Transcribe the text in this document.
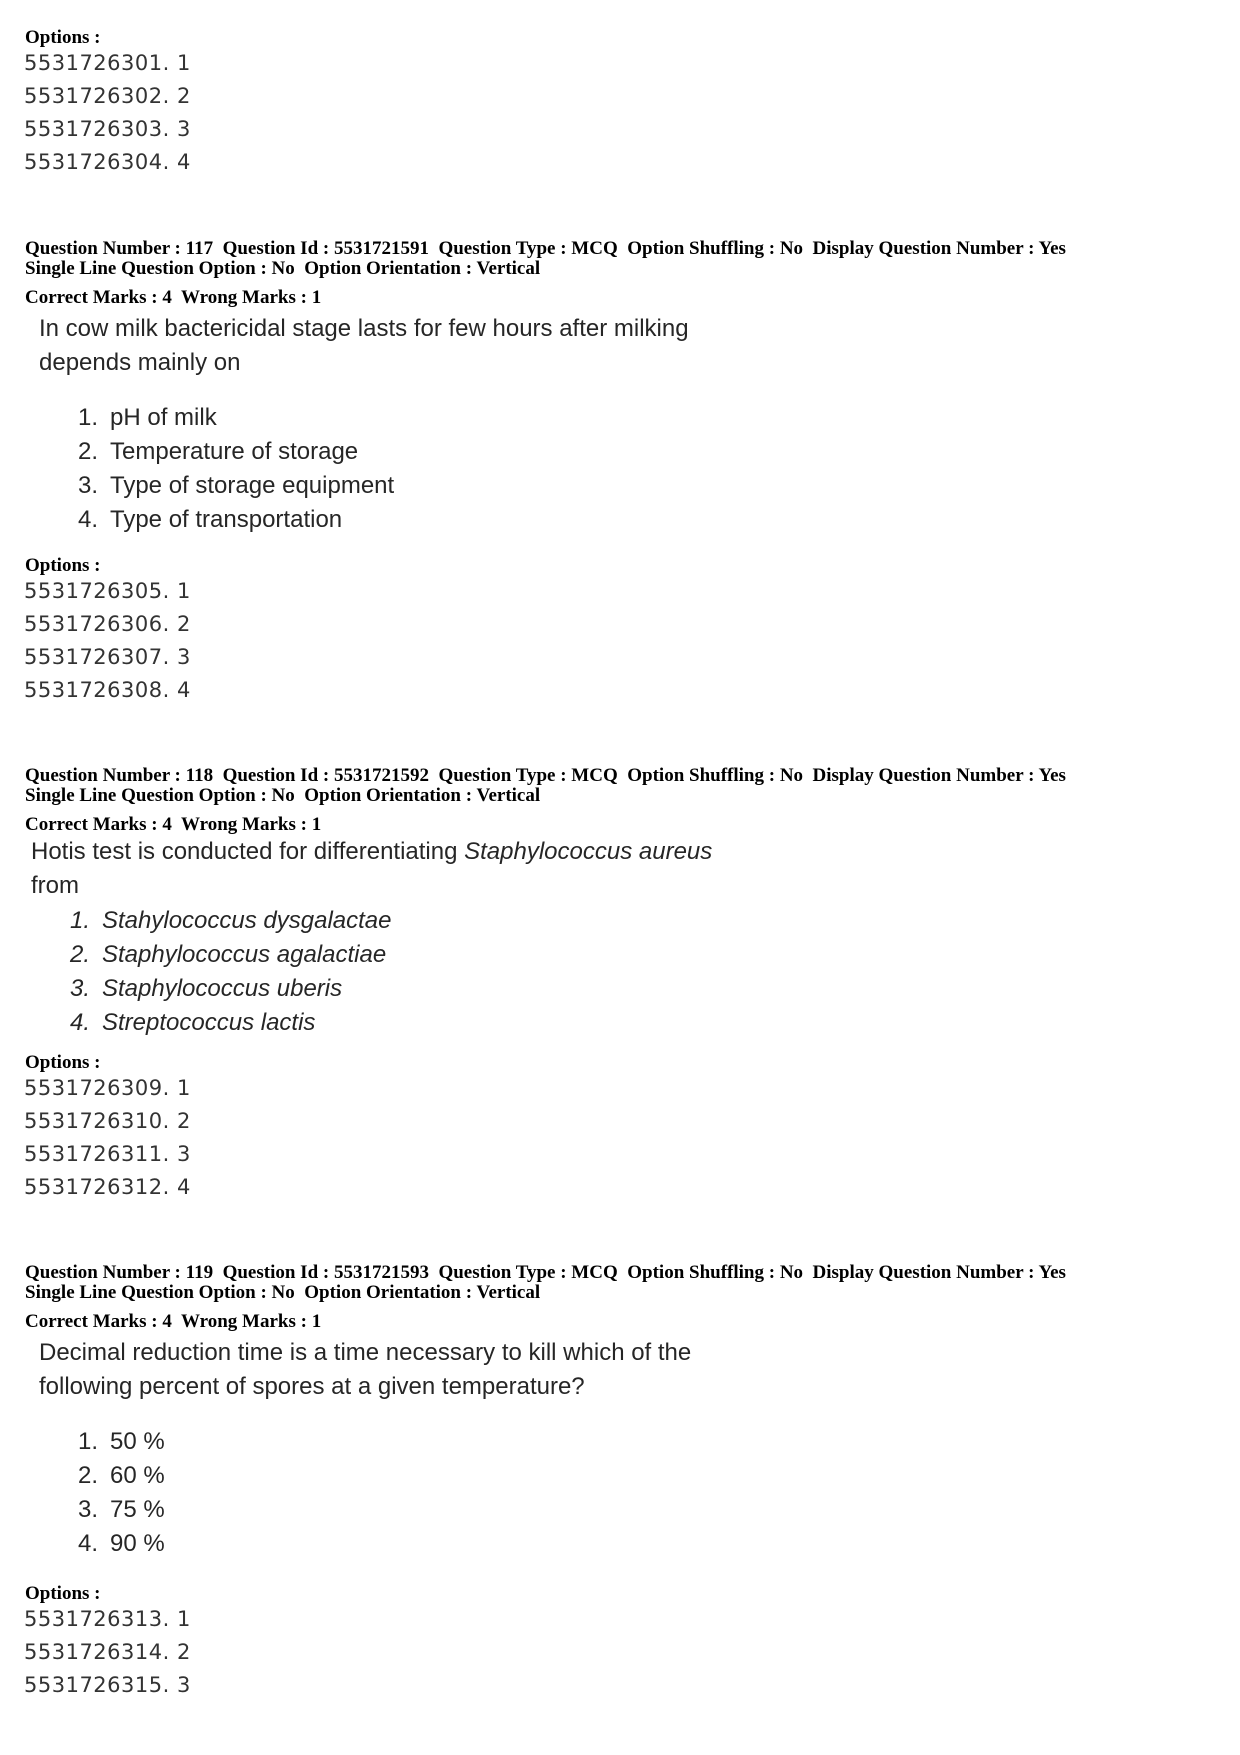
Options :
5531726301. 1
5531726302. 2
5531726303. 3
5531726304. 4
Question Number : 117  Question Id : 5531721591  Question Type : MCQ  Option Shuffling : No  Display Question Number : Yes
Single Line Question Option : No  Option Orientation : Vertical
Correct Marks : 4  Wrong Marks : 1
In cow milk bactericidal stage lasts for few hours after milking
depends mainly on
1. pH of milk
2. Temperature of storage
3. Type of storage equipment
4. Type of transportation
Options :
5531726305. 1
5531726306. 2
5531726307. 3
5531726308. 4
Question Number : 118  Question Id : 5531721592  Question Type : MCQ  Option Shuffling : No  Display Question Number : Yes
Single Line Question Option : No  Option Orientation : Vertical
Correct Marks : 4  Wrong Marks : 1
Hotis test is conducted for differentiating Staphylococcus aureus
from
1. Stahylococcus dysgalactae
2. Staphylococcus agalactiae
3. Staphylococcus uberis
4. Streptococcus lactis
Options :
5531726309. 1
5531726310. 2
5531726311. 3
5531726312. 4
Question Number : 119  Question Id : 5531721593  Question Type : MCQ  Option Shuffling : No  Display Question Number : Yes
Single Line Question Option : No  Option Orientation : Vertical
Correct Marks : 4  Wrong Marks : 1
Decimal reduction time is a time necessary to kill which of the
following percent of spores at a given temperature?
1. 50 %
2. 60 %
3. 75 %
4. 90 %
Options :
5531726313. 1
5531726314. 2
5531726315. 3
